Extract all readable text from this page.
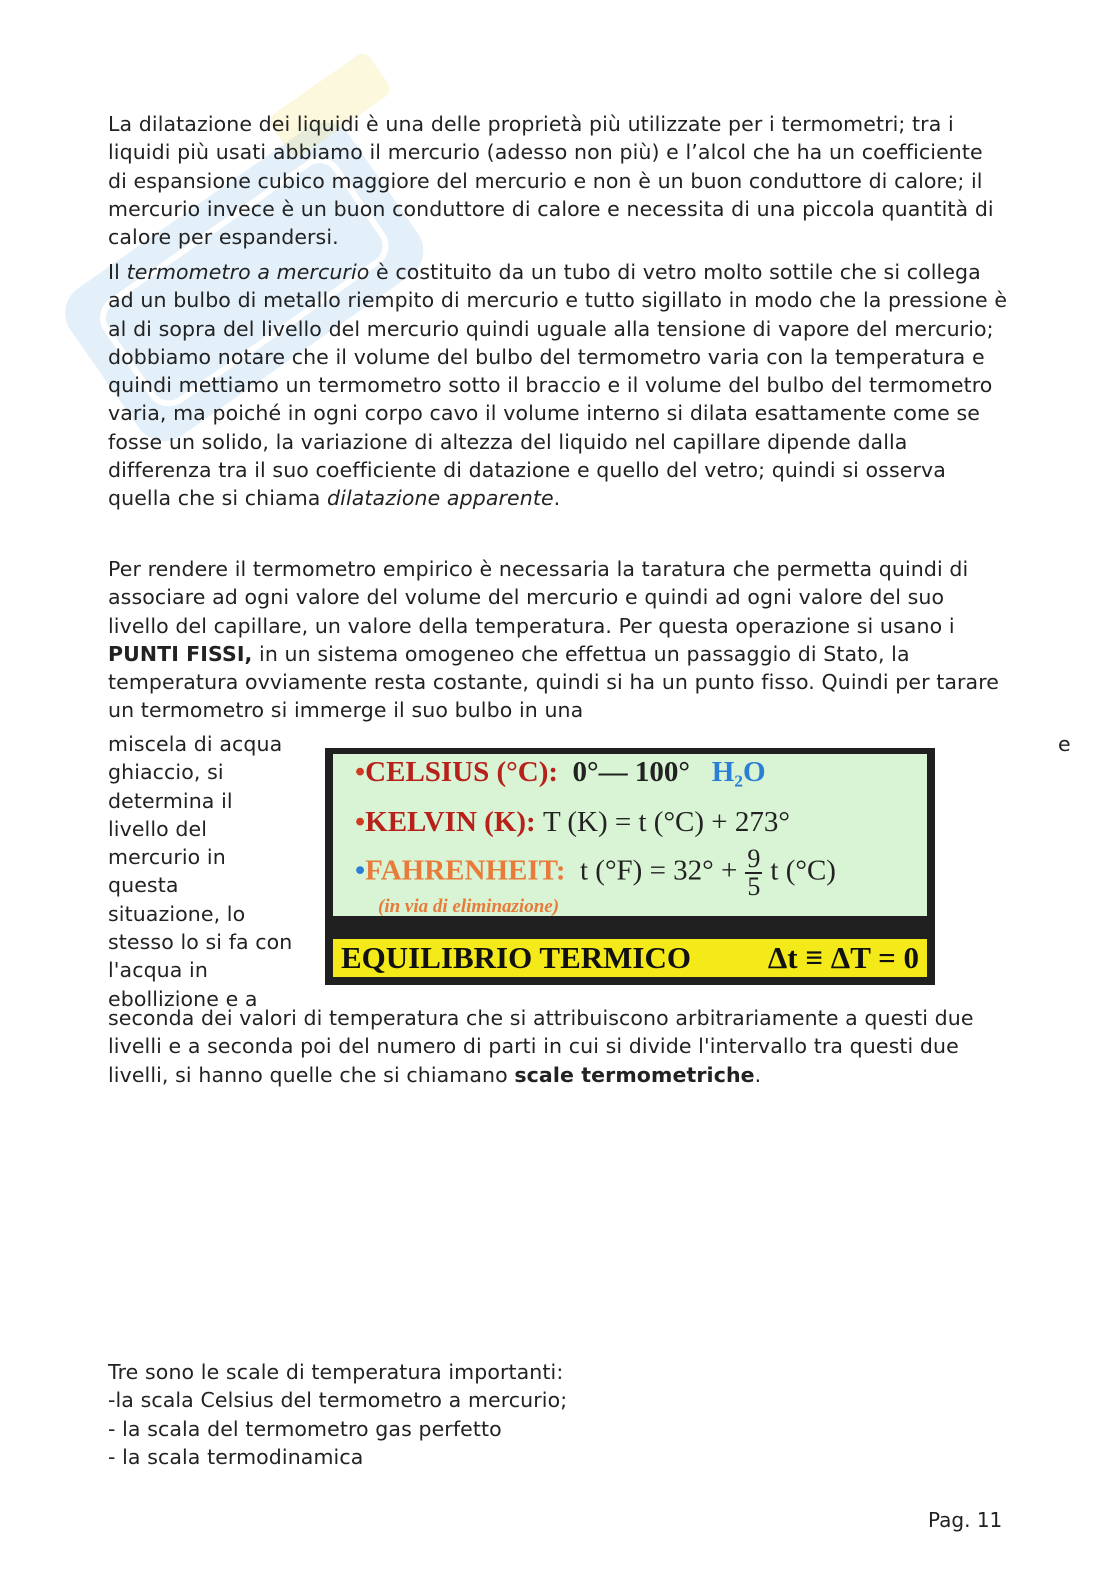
La dilatazione dei liquidi è una delle proprietà più utilizzate per i termometri; tra i liquidi più usati abbiamo il mercurio (adesso non più) e l’alcol che ha un coefficiente di espansione cubico maggiore del mercurio e non è un buon conduttore di calore; il mercurio invece è un buon conduttore di calore e necessita di una piccola quantità di calore per espandersi.

Il termometro a mercurio è costituito da un tubo di vetro molto sottile che si collega ad un bulbo di metallo riempito di mercurio e tutto sigillato in modo che la pressione è al di sopra del livello del mercurio quindi uguale alla tensione di vapore del mercurio; dobbiamo notare che il volume del bulbo del termometro varia con la temperatura e quindi mettiamo un termometro sotto il braccio e il volume del bulbo del termometro varia, ma poiché in ogni corpo cavo il volume interno si dilata esattamente come se fosse un solido, la variazione di altezza del liquido nel capillare dipende dalla differenza tra il suo coefficiente di datazione e quello del vetro; quindi si osserva quella che si chiama dilatazione apparente.

Per rendere il termometro empirico è necessaria la taratura che permetta quindi di associare ad ogni valore del volume del mercurio e quindi ad ogni valore del suo livello del capillare, un valore della temperatura. Per questa operazione si usano i PUNTI FISSI, in un sistema omogeneo che effettua un passaggio di Stato, la temperatura ovviamente resta costante, quindi si ha un punto fisso. Quindi per tarare un termometro si immerge il suo bulbo in una

miscela di acqua	e
ghiaccio, si
determina il
livello del
mercurio in
questa
situazione, lo
stesso lo si fa con
l'acqua in
ebollizione e a
•CELSIUS (°C): 0°— 100° H₂O
•KELVIN (K): T (K) = t (°C) + 273°
•FAHRENHEIT: t $(^\circ F) = 32^\circ + \frac{9}{5}$ t (°C)
(in via di eliminazione)
EQUILIBRIO TERMICO Δt ≡ ΔT = 0

seconda dei valori di temperatura che si attribuiscono arbitrariamente a questi due livelli e a seconda poi del numero di parti in cui si divide l'intervallo tra questi due livelli, si hanno quelle che si chiamano scale termometriche.

Tre sono le scale di temperatura importanti:
-la scala Celsius del termometro a mercurio;
- la scala del termometro gas perfetto
- la scala termodinamica
Pag. 11
